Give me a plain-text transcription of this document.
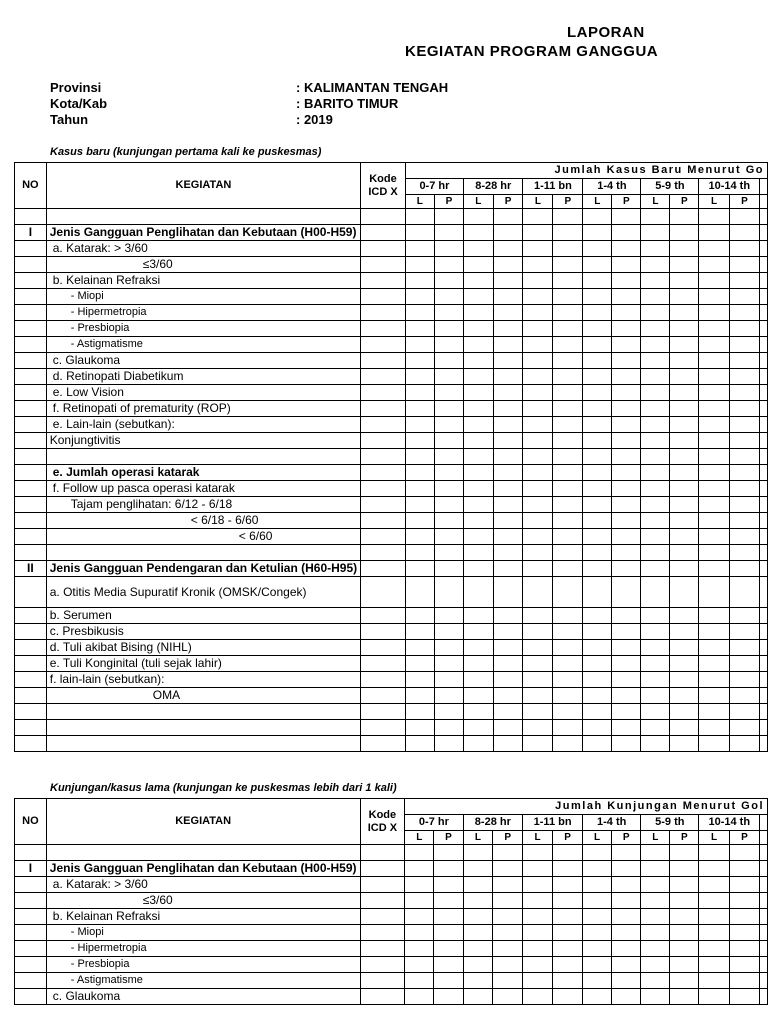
LAPORAN
KEGIATAN PROGRAM GANGGUA
Provinsi	: KALIMANTAN TENGAH
Kota/Kab	: BARITO TIMUR
Tahun	: 2019
Kasus baru (kunjungan pertama kali ke puskesmas)
NO	KEGIATAN	Kode
ICD X	Jumlah Kasus Baru Menurut Go												
			0-7 hr		8-28 hr		1-11 bn		1-4 th		5-9 th		10-14 th		
			L	P	L	P	L	P	L	P	L	P	L	P	

I	Jenis Gangguan Penglihatan dan Kebutaan (H00-H59)														
	a. Katarak: > 3/60														
	≤3/60														
	b. Kelainan Refraksi														
	- Miopi														
	- Hipermetropia														
	- Presbiopia														
	- Astigmatisme														
	c. Glaukoma														
	d. Retinopati Diabetikum														
	e. Low Vision														
	f. Retinopati of prematurity (ROP)														
	e. Lain-lain (sebutkan):														
	Konjungtivitis														

	e. Jumlah operasi katarak														
	f. Follow up pasca operasi katarak														
	Tajam penglihatan: 6/12 - 6/18														
	< 6/18 - 6/60														
	< 6/60														

II	Jenis Gangguan Pendengaran dan Ketulian (H60-H95)														
	a. Otitis Media Supuratif Kronik (OMSK/Congek)														
	b. Serumen														
	c. Presbikusis														
	d. Tuli akibat Bising (NIHL)														
	e. Tuli Konginital (tuli sejak lahir)														
	f. lain-lain (sebutkan):														
	OMA														

Kunjungan/kasus lama (kunjungan ke puskesmas lebih dari 1 kali)
NO	KEGIATAN	Kode
ICD X	Jumlah Kunjungan Menurut Gol												
			0-7 hr		8-28 hr		1-11 bn		1-4 th		5-9 th		10-14 th		
			L	P	L	P	L	P	L	P	L	P	L	P	

I	Jenis Gangguan Penglihatan dan Kebutaan (H00-H59)														
	a. Katarak: > 3/60														
	≤3/60														
	b. Kelainan Refraksi														
	- Miopi														
	- Hipermetropia														
	- Presbiopia														
	- Astigmatisme														
	c. Glaukoma														
